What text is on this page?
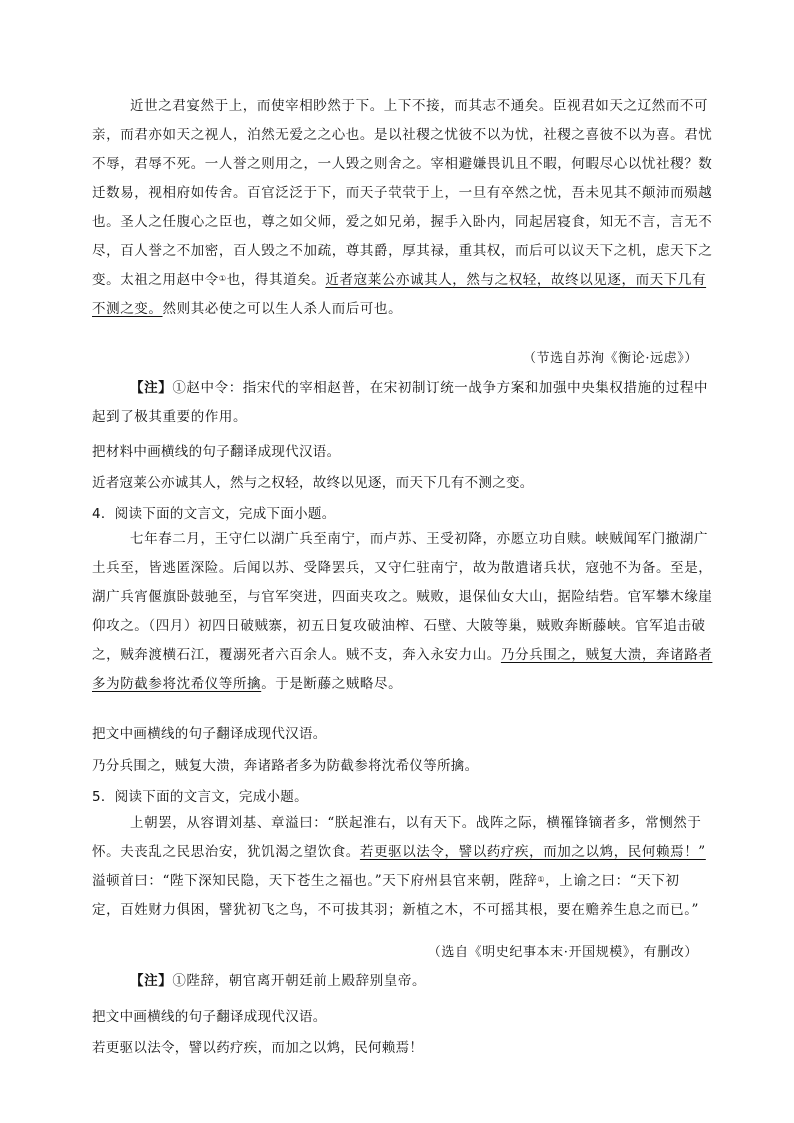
近世之君宴然于上，而使宰相眇然于下。上下不接，而其志不通矣。臣视君如天之辽然而不可
亲，而君亦如天之视人，泊然无爱之之心也。是以社稷之忧彼不以为忧，社稷之喜彼不以为喜。君忧
不辱，君辱不死。一人誉之则用之，一人毁之则舍之。宰相避嫌畏讥且不暇，何暇尽心以忧社稷？数
迁数易，视相府如传舍。百官泛泛于下，而天子茕茕于上，一旦有卒然之忧，吾未见其不颠沛而殒越
也。圣人之任腹心之臣也，尊之如父师，爱之如兄弟，握手入卧内，同起居寝食，知无不言，言无不
尽，百人誉之不加密，百人毁之不加疏，尊其爵，厚其禄，重其权，而后可以议天下之机，虑天下之
变。太祖之用赵中令①也，得其道矣。近者寇莱公亦诚其人，然与之权轻，故终以见逐，而天下几有
不测之变。然则其必使之可以生人杀人而后可也。
（节选自苏洵《衡论·远虑》）
【注】①赵中令：指宋代的宰相赵普，在宋初制订统一战争方案和加强中央集权措施的过程中
起到了极其重要的作用。
把材料中画横线的句子翻译成现代汉语。
近者寇莱公亦诚其人，然与之权轻，故终以见逐，而天下几有不测之变。
4．阅读下面的文言文，完成下面小题。
七年春二月，王守仁以湖广兵至南宁，而卢苏、王受初降，亦愿立功自赎。峡贼闻军门撤湖广
土兵至，皆逃匿深险。后闻以苏、受降罢兵，又守仁驻南宁，故为散遣诸兵状，寇弛不为备。至是，
湖广兵宵偃旗卧鼓驰至，与官军突进，四面夹攻之。贼败，退保仙女大山，据险结砦。官军攀木缘崖
仰攻之。（四月）初四日破贼寨，初五日复攻破油榨、石壁、大陂等巢，贼败奔断藤峡。官军追击破
之，贼奔渡横石江，覆溺死者六百余人。贼不支，奔入永安力山。乃分兵围之，贼复大溃，奔诸路者
多为防截参将沈希仪等所擒。于是断藤之贼略尽。
把文中画横线的句子翻译成现代汉语。
乃分兵围之，贼复大溃，奔诸路者多为防截参将沈希仪等所擒。
5．阅读下面的文言文，完成小题。
上朝罢，从容谓刘基、章溢曰：“朕起淮右，以有天下。战阵之际，横罹锋镝者多，常恻然于
怀。夫丧乱之民思治安，犹饥渴之望饮食。若更驱以法令，譬以药疗疾，而加之以鸩，民何赖焉！”
溢顿首曰：“陛下深知民隐，天下苍生之福也。”天下府州县官来朝，陛辞①，上谕之曰：“天下初
定，百姓财力俱困，譬犹初飞之鸟，不可拔其羽；新植之木，不可摇其根，要在赡养生息之而已。”
（选自《明史纪事本末·开国规模》，有删改）
【注】①陛辞，朝官离开朝廷前上殿辞别皇帝。
把文中画横线的句子翻译成现代汉语。
若更驱以法令，譬以药疗疾，而加之以鸩，民何赖焉！
